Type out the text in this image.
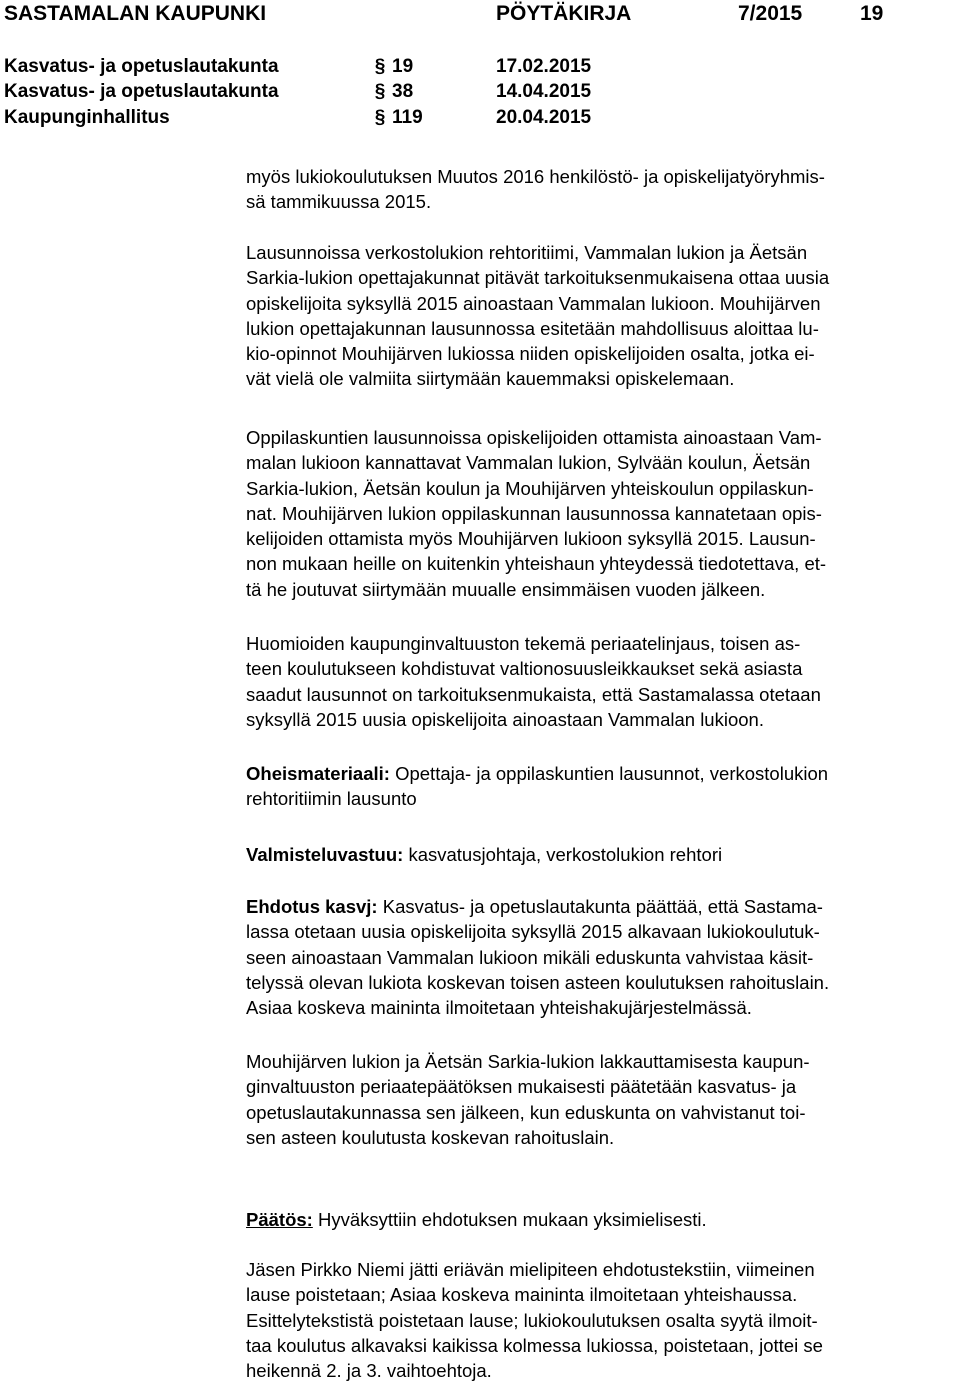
SASTAMALAN KAUPUNKI	PÖYTÄKIRJA	7/2015	19
Kasvatus- ja opetuslautakunta	§ 19	17.02.2015
Kasvatus- ja opetuslautakunta	§ 38	14.04.2015
Kaupunginhallitus	§ 119	20.04.2015
myös lukiokoulutuksen Muutos 2016 henkilöstö- ja opiskelijatyöryhmis-
sä tammikuussa 2015.
Lausunnoissa verkostolukion rehtoritiimi, Vammalan lukion ja Äetsän
Sarkia-lukion opettajakunnat pitävät tarkoituksenmukaisena ottaa uusia
opiskelijoita syksyllä 2015 ainoastaan Vammalan lukioon. Mouhijärven
lukion opettajakunnan lausunnossa esitetään mahdollisuus aloittaa lu-
kio-opinnot Mouhijärven lukiossa niiden opiskelijoiden osalta, jotka ei-
vät vielä ole valmiita siirtymään kauemmaksi opiskelemaan.
Oppilaskuntien lausunnoissa opiskelijoiden ottamista ainoastaan Vam-
malan lukioon kannattavat Vammalan lukion, Sylvään koulun, Äetsän
Sarkia-lukion, Äetsän koulun ja Mouhijärven yhteiskoulun oppilaskun-
nat. Mouhijärven lukion oppilaskunnan lausunnossa kannatetaan opis-
kelijoiden ottamista myös Mouhijärven lukioon syksyllä 2015. Lausun-
non mukaan heille on kuitenkin yhteishaun yhteydessä tiedotettava, et-
tä he joutuvat siirtymään muualle ensimmäisen vuoden jälkeen.
Huomioiden kaupunginvaltuuston tekemä periaatelinjaus, toisen as-
teen koulutukseen kohdistuvat valtionosuusleikkaukset sekä asiasta
saadut lausunnot on tarkoituksenmukaista, että Sastamalassa otetaan
syksyllä 2015 uusia opiskelijoita ainoastaan Vammalan lukioon.
Oheismateriaali: Opettaja- ja oppilaskuntien lausunnot, verkostolukion
rehtoritiimin lausunto
Valmisteluvastuu: kasvatusjohtaja, verkostolukion rehtori
Ehdotus kasvj: Kasvatus- ja opetuslautakunta päättää, että Sastama-
lassa otetaan uusia opiskelijoita syksyllä 2015 alkavaan lukiokoulutuk-
seen ainoastaan Vammalan lukioon mikäli eduskunta vahvistaa käsit-
telyssä olevan lukiota koskevan toisen asteen koulutuksen rahoituslain.
Asiaa koskeva maininta ilmoitetaan yhteishakujärjestelmässä.
Mouhijärven lukion ja Äetsän Sarkia-lukion lakkauttamisesta kaupun-
ginvaltuuston periaatepäätöksen mukaisesti päätetään kasvatus- ja
opetuslautakunnassa sen jälkeen, kun eduskunta on vahvistanut toi-
sen asteen koulutusta koskevan rahoituslain.
Päätös: Hyväksyttiin ehdotuksen mukaan yksimielisesti.
Jäsen Pirkko Niemi jätti eriävän mielipiteen ehdotustekstiin, viimeinen
lause poistetaan; Asiaa koskeva maininta ilmoitetaan yhteishaussa.
Esittelytekstistä poistetaan lause; lukiokoulutuksen osalta syytä ilmoit-
taa koulutus alkavaksi kaikissa kolmessa lukiossa, poistetaan, jottei se
heikennä 2. ja 3. vaihtoehtoja.
